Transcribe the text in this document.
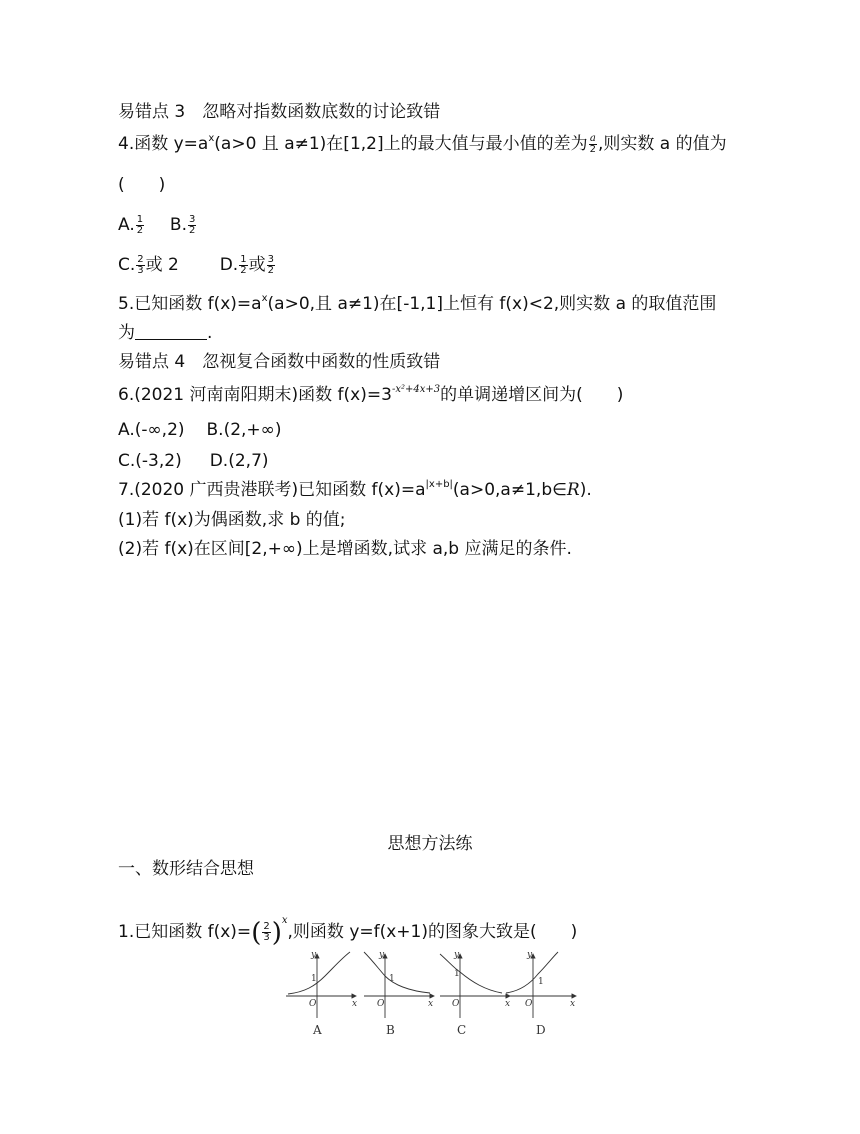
易错点 3　忽略对指数函数底数的讨论致错
4.函数 $y=a^x(a>0$ 且 a≠1)在[1,2]上的最大值与最小值的差为 $\frac{a}{2}$ ,则实数 a 的值为
(　　)
A. $\frac{1}{2} B$. $\frac{3}{2}$
C. $\frac{2}{3}$ 或 2 D. $\frac{1}{2}$ 或 $\frac{3}{2}$
5.已知函数 $f(x)=a^x(a>0$,且 a≠1)在[-1,1]上恒有 f(x)<2,则实数 a 的取值范围
为	.
易错点 4　忽视复合函数中函数的性质致错
6.(2021 河南南阳期末)函数 $f(x)=3^{-x^2+4x+3}$的单调递增区间为(　　)
A.(-∞,2) B.(2,+∞)
C.(-3,2) D.(2,7)
7.(2020 广西贵港联考)已知函数 $f(x)=a^{|x+b|}(a>0,a\ne 1,b\in R)$.
(1)若 f(x)为偶函数,求 b 的值;
(2)若 f(x)在区间[2,+∞)上是增函数,试求 a,b 应满足的条件.
思想方法练
一、数形结合思想
1.已知函数 $f(x)=( \frac{2}{3} )^x$,则函数 y=f(x+1)的图象大致是(　　)
y
x
O
1
y
x
O
1
y
x
O
1
y
x
O
1
A	B	C	D
